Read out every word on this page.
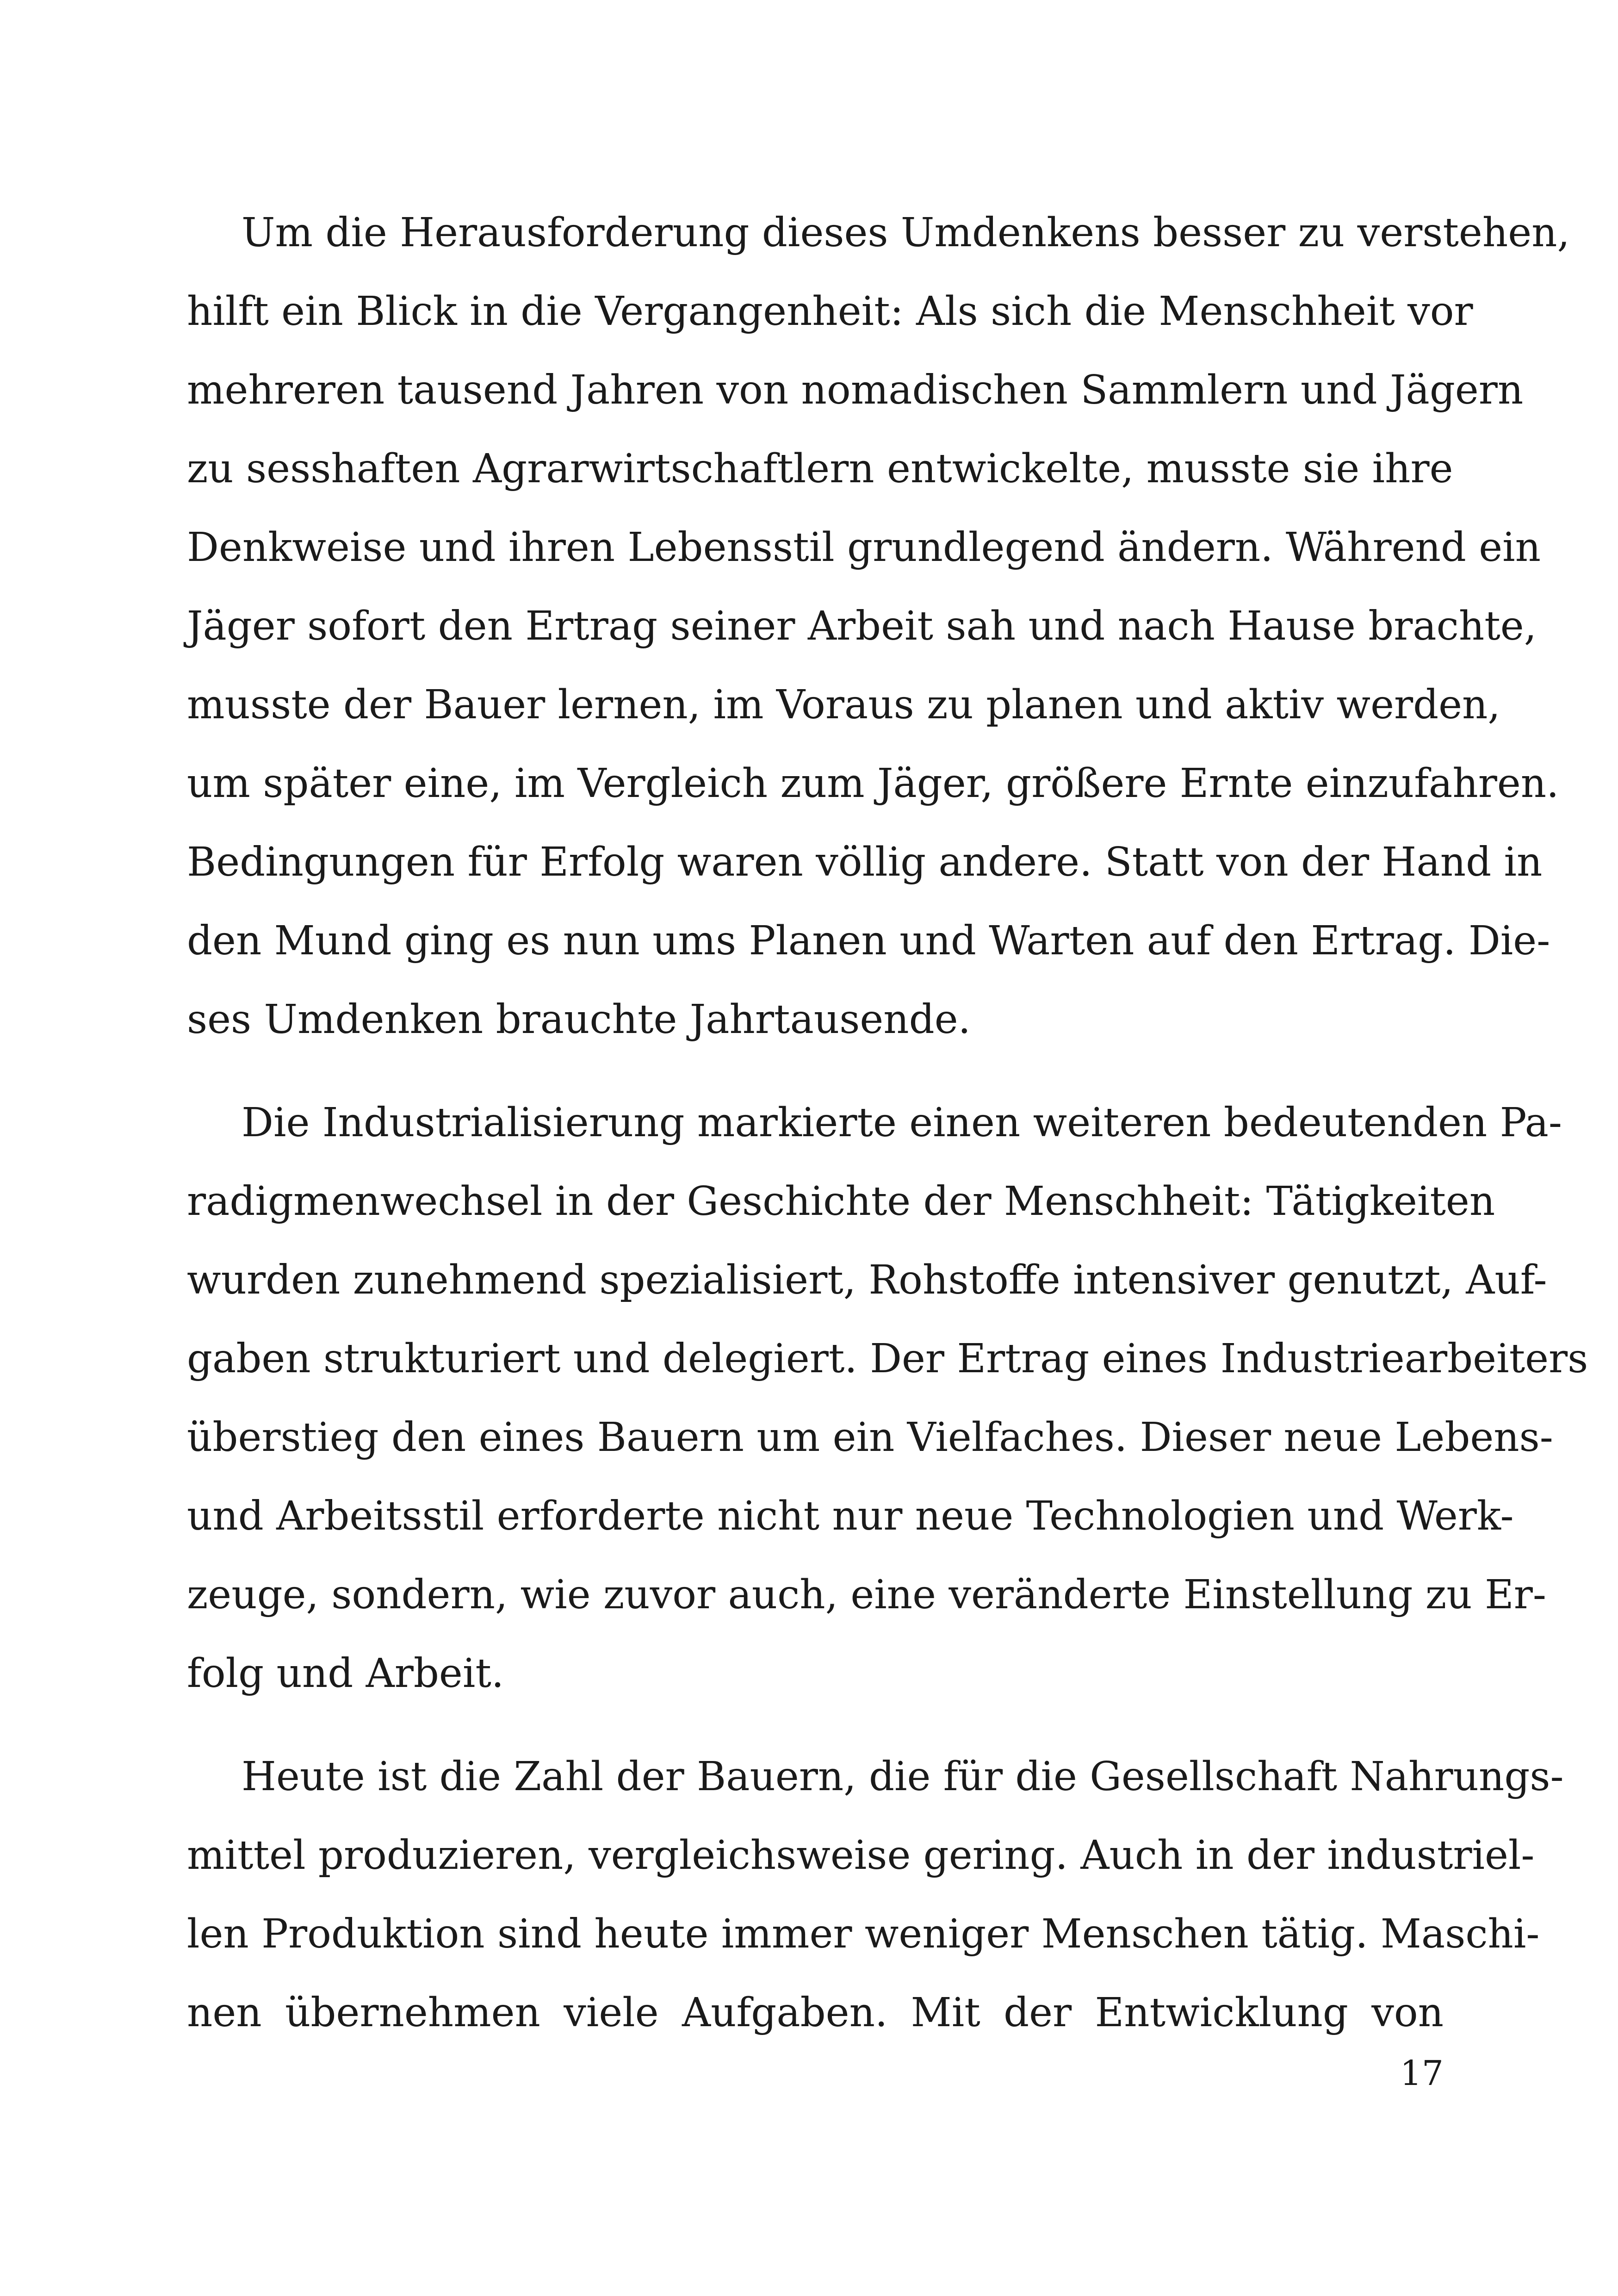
Um die Herausforderung dieses Umdenkens besser zu verstehen,
hilft ein Blick in die Vergangenheit: Als sich die Menschheit vor
mehreren tausend Jahren von nomadischen Sammlern und Jägern
zu sesshaften Agrarwirtschaftlern entwickelte, musste sie ihre
Denkweise und ihren Lebensstil grundlegend ändern. Während ein
Jäger sofort den Ertrag seiner Arbeit sah und nach Hause brachte,
musste der Bauer lernen, im Voraus zu planen und aktiv werden,
um später eine, im Vergleich zum Jäger, größere Ernte einzufahren.
Bedingungen für Erfolg waren völlig andere. Statt von der Hand in
den Mund ging es nun ums Planen und Warten auf den Ertrag. Die-
ses Umdenken brauchte Jahrtausende.

Die Industrialisierung markierte einen weiteren bedeutenden Pa-
radigmenwechsel in der Geschichte der Menschheit: Tätigkeiten
wurden zunehmend spezialisiert, Rohstoffe intensiver genutzt, Auf-
gaben strukturiert und delegiert. Der Ertrag eines Industriearbeiters
überstieg den eines Bauern um ein Vielfaches. Dieser neue Lebens-
und Arbeitsstil erforderte nicht nur neue Technologien und Werk-
zeuge, sondern, wie zuvor auch, eine veränderte Einstellung zu Er-
folg und Arbeit.

Heute ist die Zahl der Bauern, die für die Gesellschaft Nahrungs-
mittel produzieren, vergleichsweise gering. Auch in der industriel-
len Produktion sind heute immer weniger Menschen tätig. Maschi-
nen übernehmen viele Aufgaben. Mit der Entwicklung von

17
